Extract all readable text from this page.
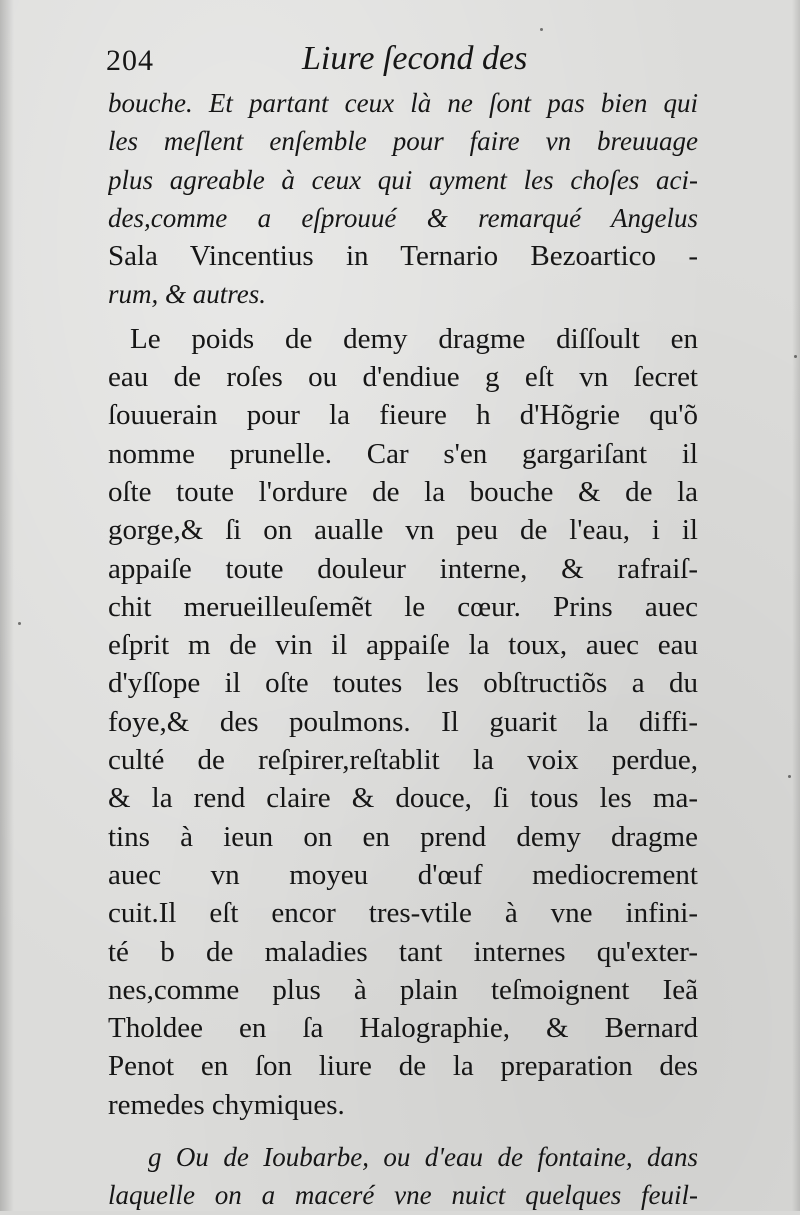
204	Liure ſecond des
bouche. Et partant ceux là ne ſont pas bien qui
les meſlent enſemble pour faire vn breuuage
plus agreable à ceux qui ayment les choſes aci-
des,comme a eſprouué & remarqué Angelus
Sala Vincentius in Ternario Bezoartico -
rum, & autres.
Le poids de demy dragme diſſoult en
eau de roſes ou d'endiue g eſt vn ſecret
ſouuerain pour la fieure h d'Hõgrie qu'õ
nomme prunelle. Car s'en gargariſant il
oſte toute l'ordure de la bouche & de la
gorge,& ſi on aualle vn peu de l'eau, i il
appaiſe toute douleur interne, & rafraiſ-
chit merueilleuſemẽt le cœur. Prins auec
eſprit m de vin il appaiſe la toux, auec eau
d'yſſope il oſte toutes les obſtructiõs a du
foye,& des poulmons. Il guarit la diffi-
culté de reſpirer,reſtablit la voix perdue,
& la rend claire & douce, ſi tous les ma-
tins à ieun on en prend demy dragme
auec vn moyeu d'œuf mediocrement
cuit.Il eſt encor tres-vtile à vne infini-
té b de maladies tant internes qu'exter-
nes,comme plus à plain teſmoignent Ieã
Tholdee en ſa Halographie, & Bernard
Penot en ſon liure de la preparation des
remedes chymiques.
g Ou de Ioubarbe, ou d'eau de fontaine, dans
laquelle on a maceré vne nuict quelques feuil-
